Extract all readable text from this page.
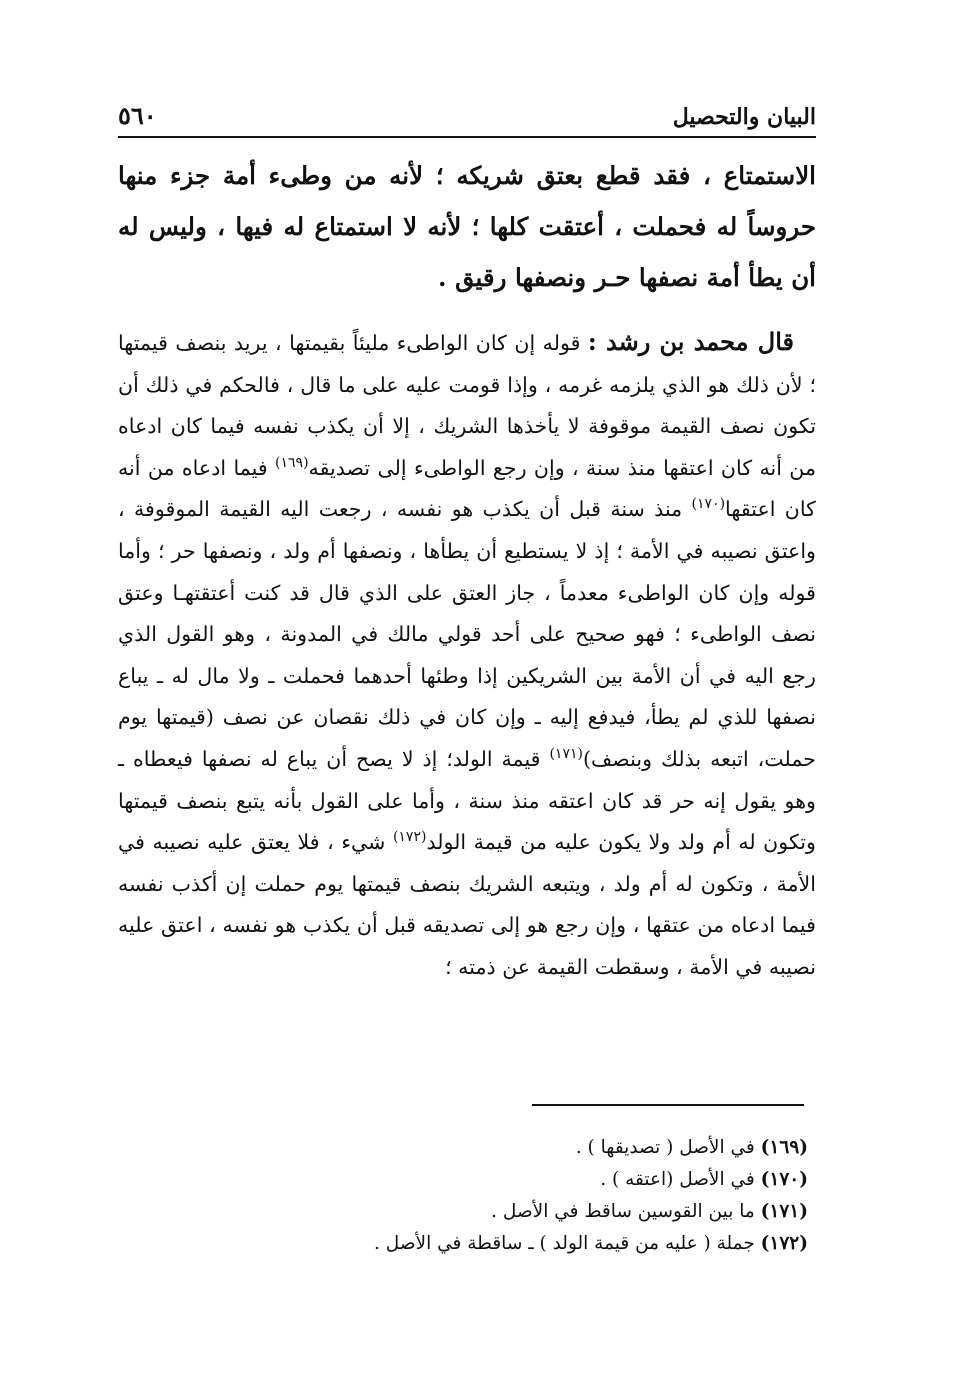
٥٦٠	البيان والتحصيل

الاستمتاع ، فقد قطع بعتق شريكه ؛ لأنه من وطىء أمة جزء منها حروساً له فحملت ، أعتقت كلها ؛ لأنه لا استمتاع له فيها ، وليس له أن يطأ أمة نصفها حـر ونصفها رقيق .

قال محمد بن رشد : قوله إن كان الواطىء مليئاً بقيمتها ، يريد بنصف قيمتها ؛ لأن ذلك هو الذي يلزمه غرمه ، وإذا قومت عليه على ما قال ، فالحكم في ذلك أن تكون نصف القيمة موقوفة لا يأخذها الشريك ، إلا أن يكذب نفسه فيما كان ادعاه من أنه كان اعتقها منذ سنة ، وإن رجع الواطىء إلى تصديقه$^{(١٦٩)}$ فيما ادعاه من أنه كان اعتقها$^{(١٧٠)}$ منذ سنة قبل أن يكذب هو نفسه ، رجعت اليه القيمة الموقوفة ، واعتق نصيبه في الأمة ؛ إذ لا يستطيع أن يطأها ، ونصفها أم ولد ، ونصفها حر ؛ وأما قوله وإن كان الواطىء معدماً ، جاز العتق على الذي قال قد كنت أعتقتهـا وعتق نصف الواطىء ؛ فهو صحيح على أحد قولي مالك في المدونة ، وهو القول الذي رجع اليه في أن الأمة بين الشريكين إذا وطئها أحدهما فحملت ـ ولا مال له ـ يباع نصفها للذي لم يطأ، فيدفع إليه ـ وإن كان في ذلك نقصان عن نصف (قيمتها يوم حملت، اتبعه بذلك وبنصف)$^{(١٧١)}$ قيمة الولد؛ إذ لا يصح أن يباع له نصفها فيعطاه ـ وهو يقول إنه حر قد كان اعتقه منذ سنة ، وأما على القول بأنه يتبع بنصف قيمتها وتكون له أم ولد ولا يكون عليه من قيمة الولد$^{(١٧٢)}$ شيء ، فلا يعتق عليه نصيبه في الأمة ، وتكون له أم ولد ، ويتبعه الشريك بنصف قيمتها يوم حملت إن أكذب نفسه فيما ادعاه من عتقها ، وإن رجع هو إلى تصديقه قبل أن يكذب هو نفسه ، اعتق عليه نصيبه في الأمة ، وسقطت القيمة عن ذمته ؛

(١٦٩) في الأصل ( تصديقها ) .
(١٧٠) في الأصل (اعتقه ) .
(١٧١) ما بين القوسين ساقط في الأصل .
(١٧٢) جملة ( عليه من قيمة الولد ) ـ ساقطة في الأصل .
